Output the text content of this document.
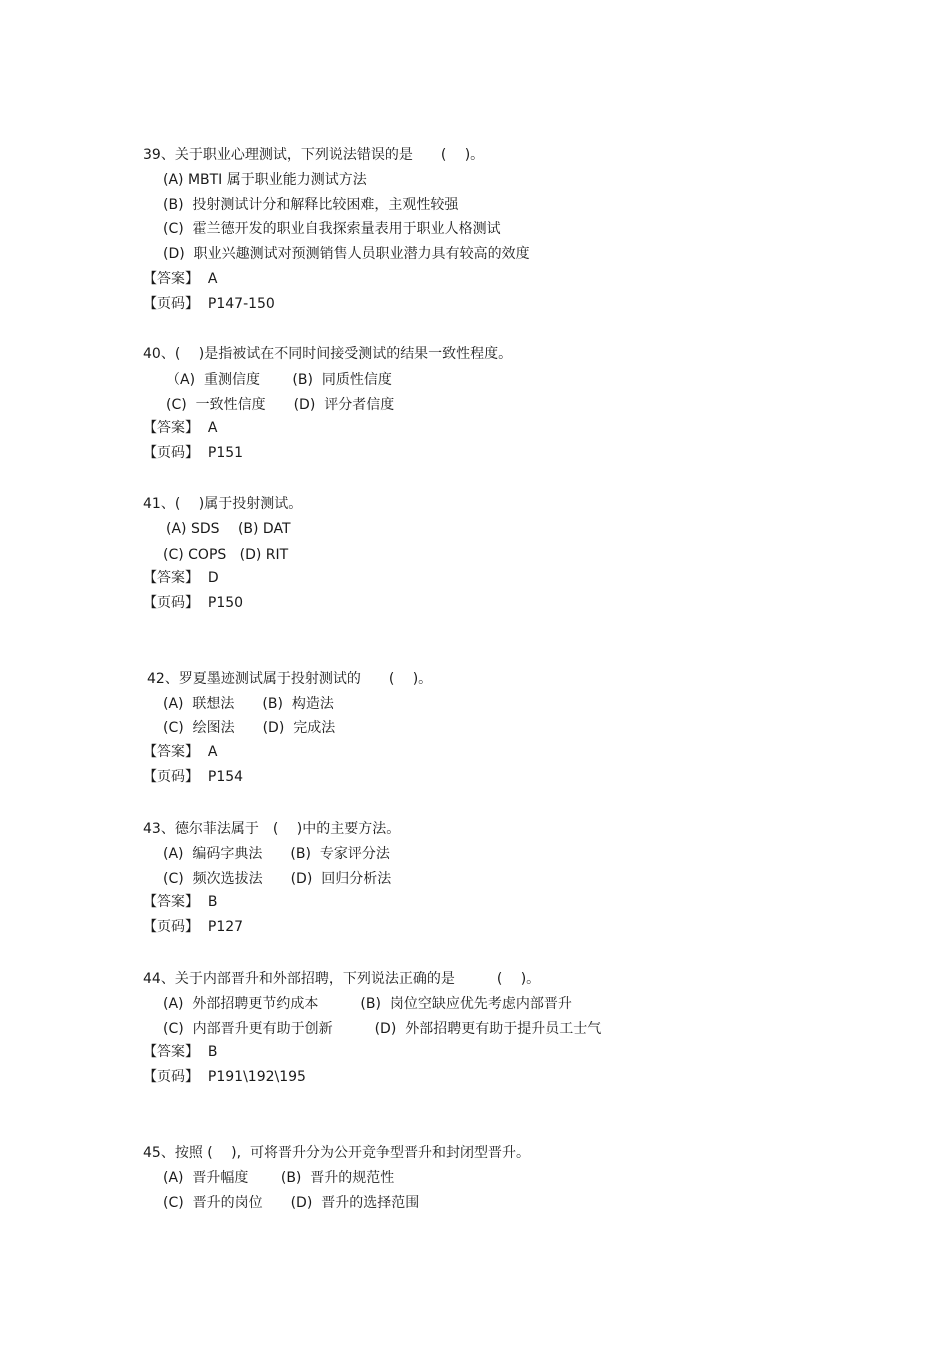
39、关于职业心理测试，下列说法错误的是　　(　 )。
(A) MBTI 属于职业能力测试方法
(B)  投射测试计分和解释比较困难，主观性较强
(C)  霍兰德开发的职业自我探索量表用于职业人格测试
(D)  职业兴趣测试对预测销售人员职业潜力具有较高的效度
【答案】  A
【页码】  P147-150
40、(　 )是指被试在不同时间接受测试的结果一致性程度。
（A)  重测信度　　 (B)  同质性信度
(C)  一致性信度　　(D)  评分者信度
【答案】  A
【页码】  P151
41、(　 )属于投射测试。
(A) SDS　 (B) DAT
(C) COPS   (D) RIT
【答案】  D
【页码】  P150
42、罗夏墨迹测试属于投射测试的　　(　 )。
(A)  联想法　　(B)  构造法
(C)  绘图法　　(D)  完成法
【答案】  A
【页码】  P154
43、德尔菲法属于　(　 )中的主要方法。
(A)  编码字典法　　(B)  专家评分法
(C)  频次选拔法　　(D)  回归分析法
【答案】  B
【页码】  P127
44、关于内部晋升和外部招聘，下列说法正确的是　　　(　 )。
(A)  外部招聘更节约成本　　　(B)  岗位空缺应优先考虑内部晋升
(C)  内部晋升更有助于创新　　　(D)  外部招聘更有助于提升员工士气
【答案】  B
【页码】  P191\192\195
45、按照 (　 ),  可将晋升分为公开竞争型晋升和封闭型晋升。
(A)  晋升幅度　　 (B)  晋升的规范性
(C)  晋升的岗位　　(D)  晋升的选择范围
